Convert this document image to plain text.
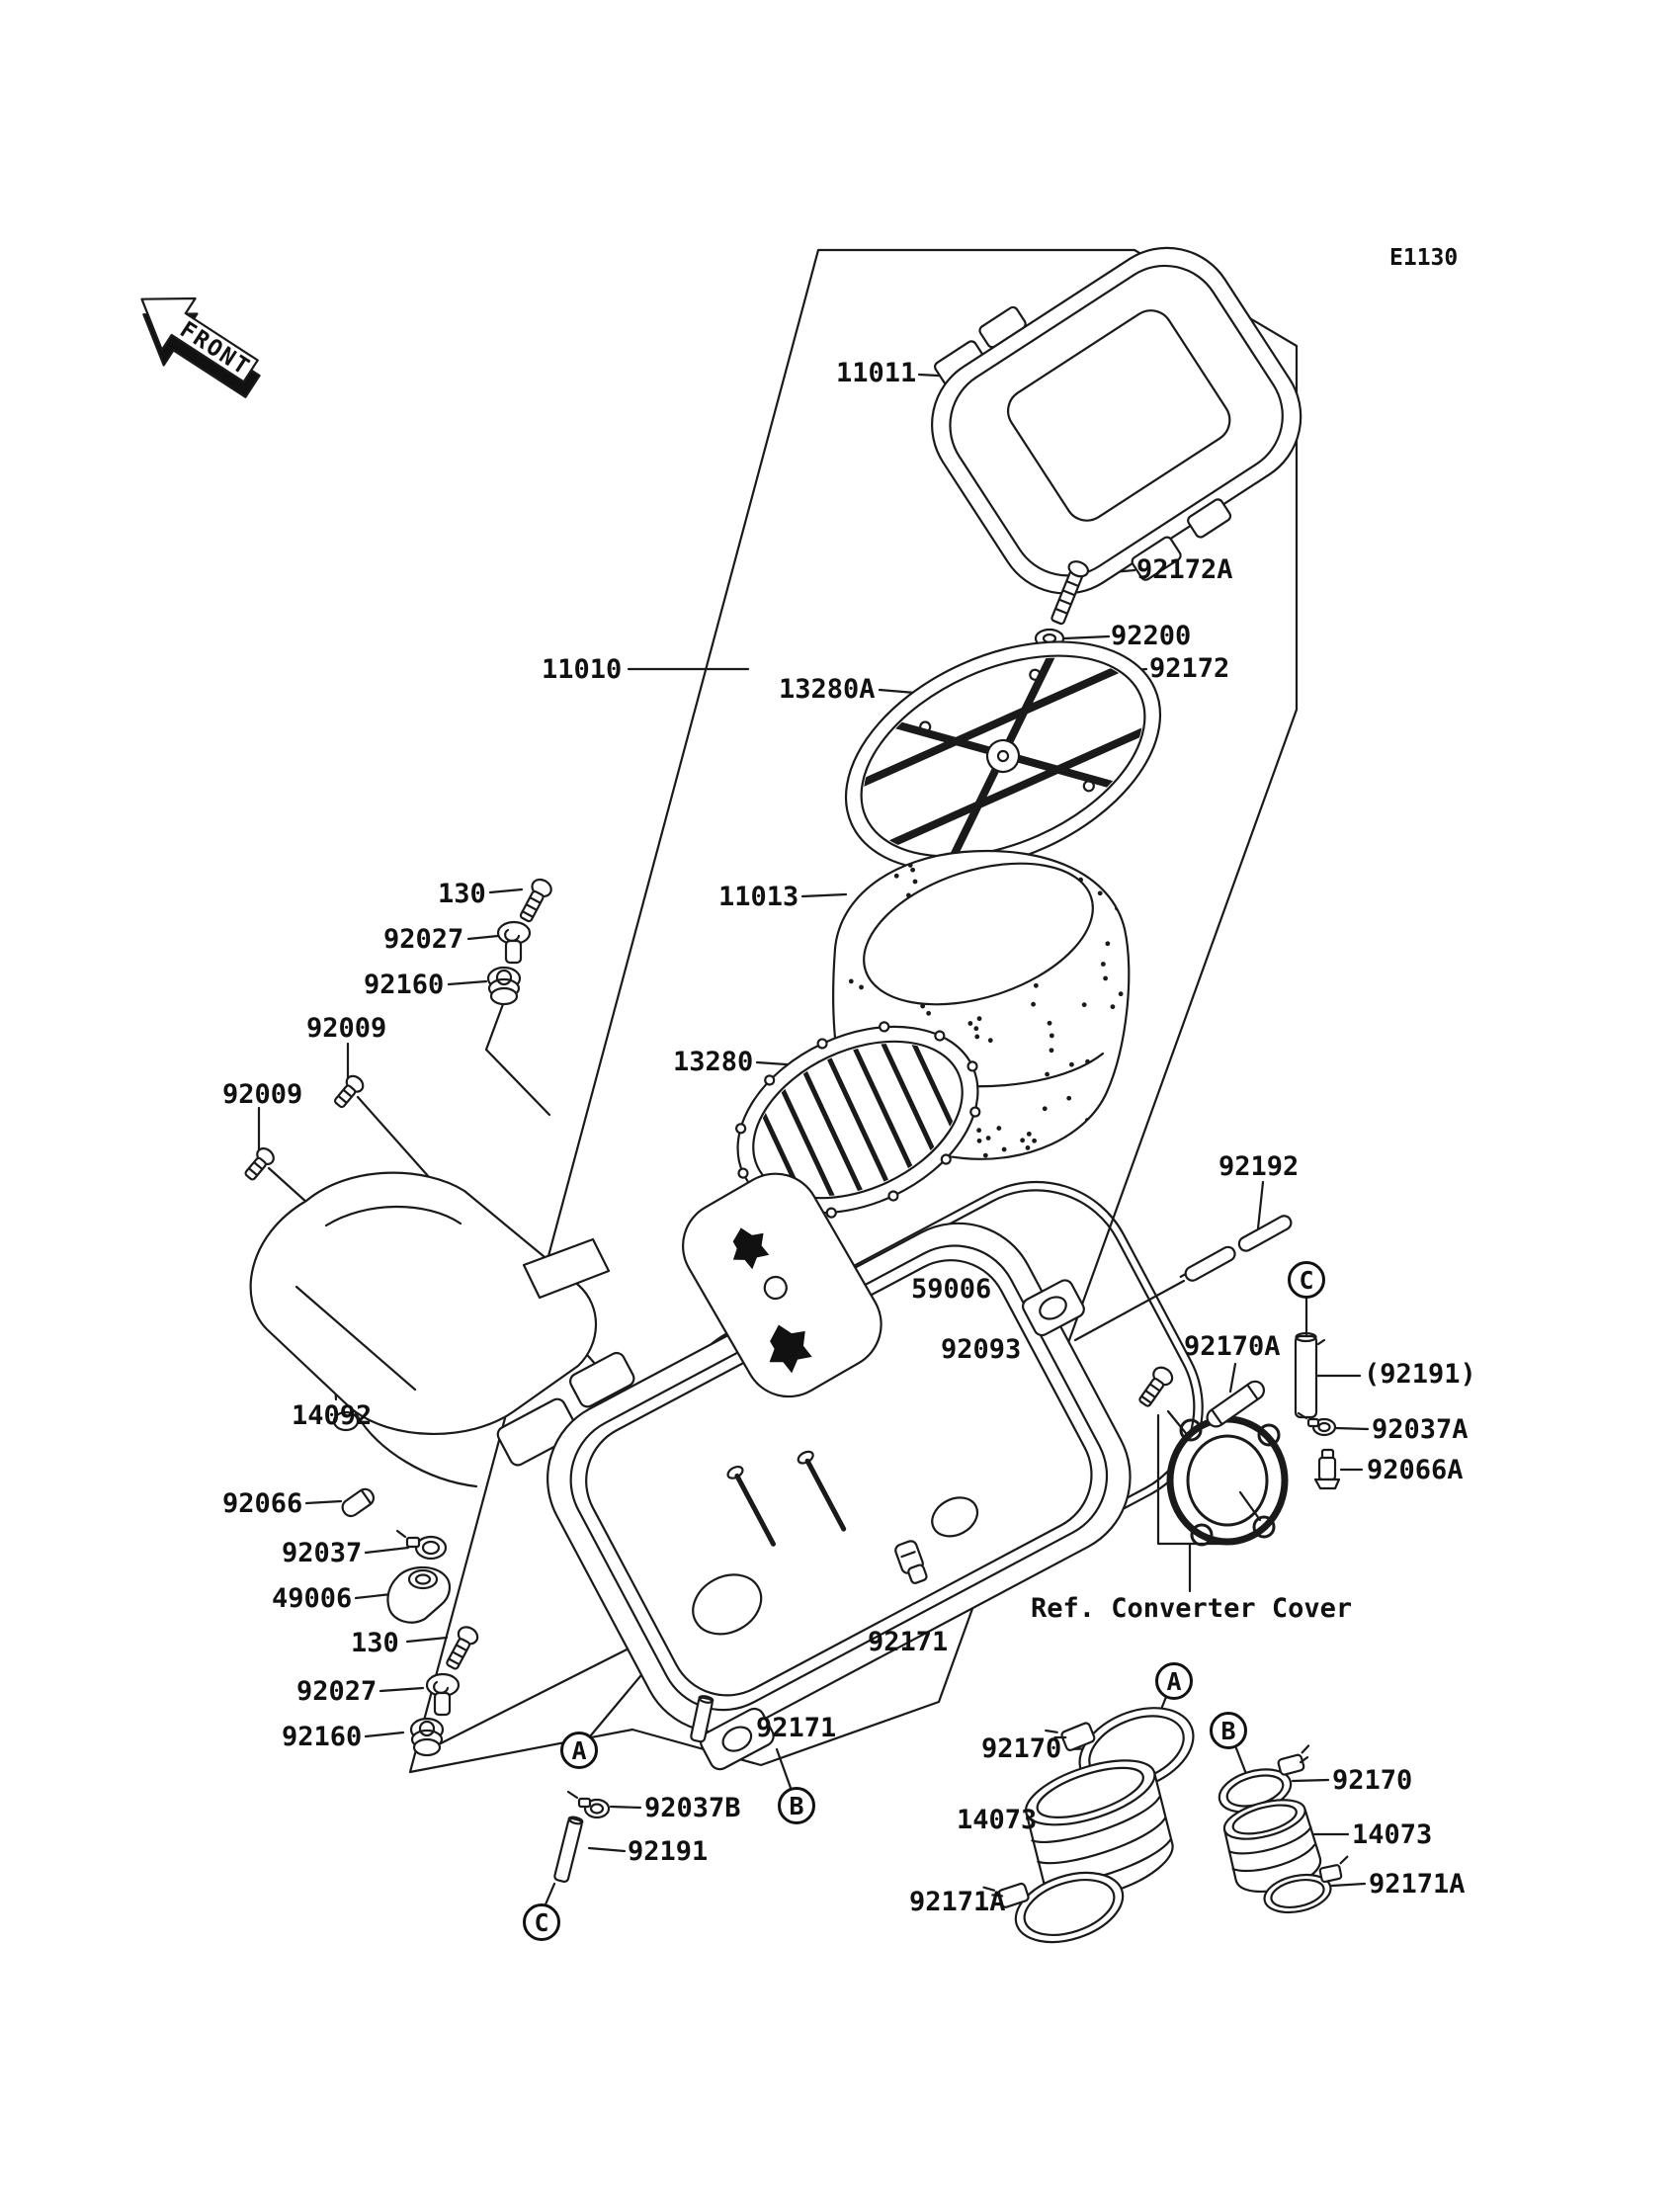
FRONT
E1130
Ref. Converter Cover
11011
11010
92172A
92200
92172
13280A
11013
13280
130
92027
92160
92009
92009
14092
92066
92037
49006
130
92027
92160
59006
92093
92192
92170A
(92191)
92037A
92066A
92171
92171
92037B
92191
92170
14073
92171A
92170
14073
92171A
A
B
C
A
B
C
